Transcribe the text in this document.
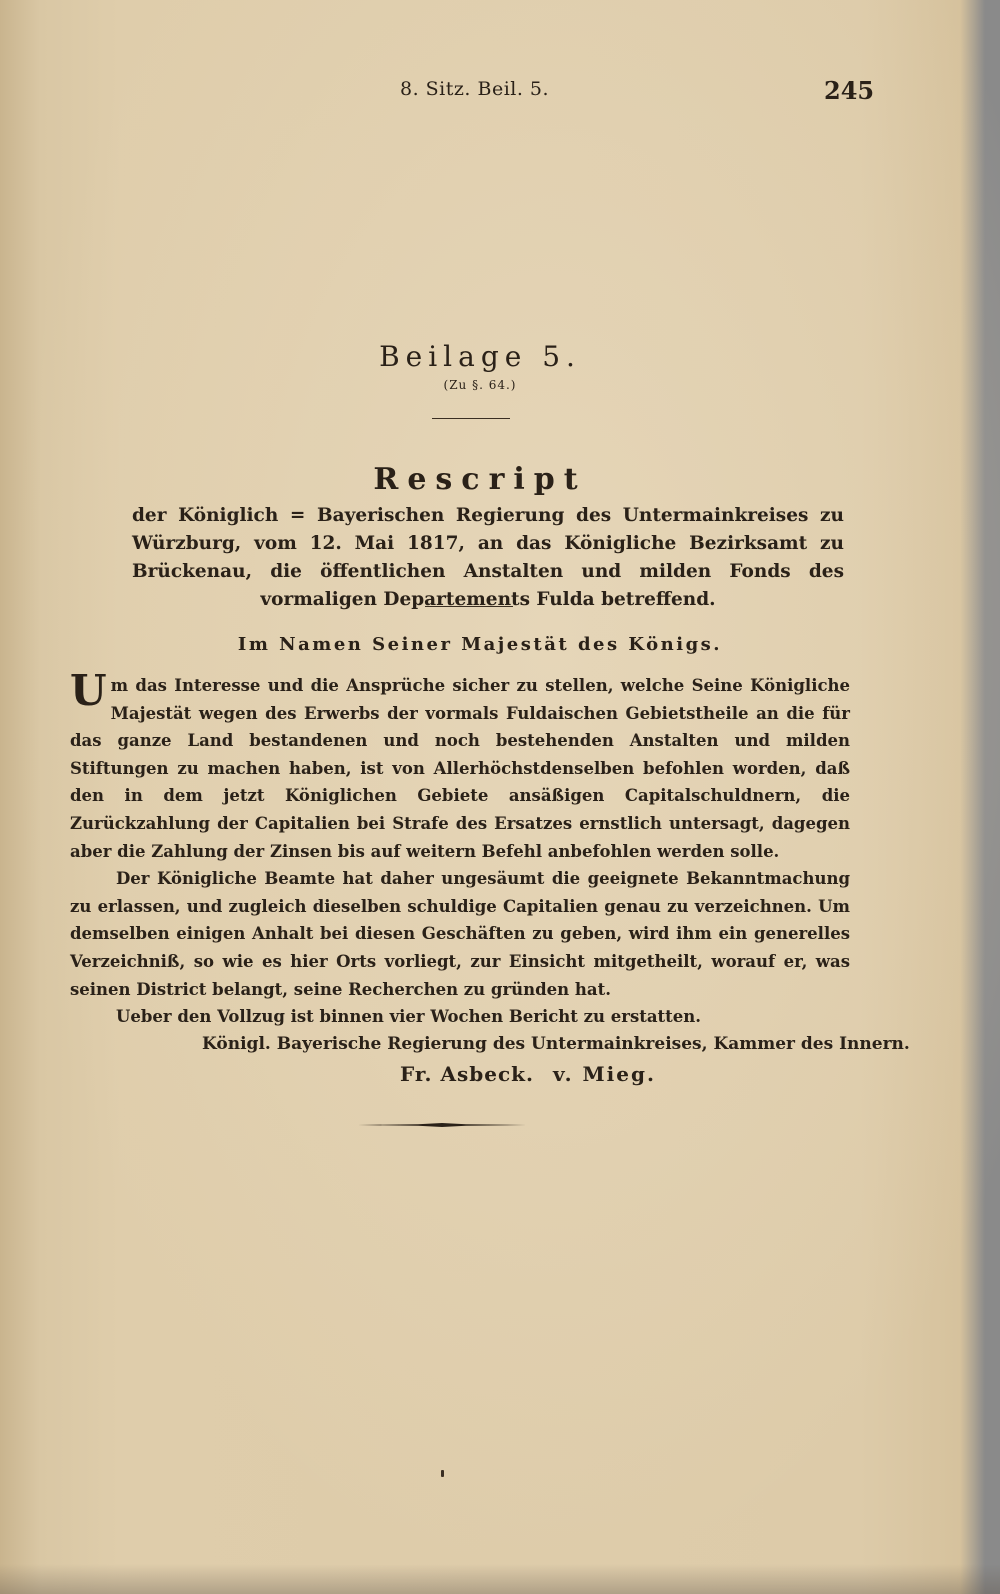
8. Sitz. Beil. 5.	245
Beilage 5.
(Zu §. 64.)
Rescript
der Königlich = Bayerischen Regierung des Untermainkreises zu Würzburg, vom 12. Mai 1817, an das Königliche Bezirksamt zu Brückenau, die öffentlichen Anstalten und milden Fonds des vormaligen Departements Fulda betreffend.
Im Namen Seiner Majestät des Königs.

Um das Interesse und die Ansprüche sicher zu stellen, welche Seine Königliche Majestät wegen des Erwerbs der vormals Fuldaischen Gebietstheile an die für das ganze Land bestandenen und noch bestehenden Anstalten und milden Stiftungen zu machen haben, ist von Allerhöchstdenselben befohlen worden, daß den in dem jetzt Königlichen Gebiete ansäßigen Capitalschuldnern, die Zurückzahlung der Capitalien bei Strafe des Ersatzes ernstlich untersagt, dagegen aber die Zahlung der Zinsen bis auf weitern Befehl anbefohlen werden solle.

Der Königliche Beamte hat daher ungesäumt die geeignete Bekanntmachung zu erlassen, und zugleich dieselben schuldige Capitalien genau zu verzeichnen. Um demselben einigen Anhalt bei diesen Geschäften zu geben, wird ihm ein generelles Verzeichniß, so wie es hier Orts vorliegt, zur Einsicht mitgetheilt, worauf er, was seinen District belangt, seine Recherchen zu gründen hat.

Ueber den Vollzug ist binnen vier Wochen Bericht zu erstatten.

Königl. Bayerische Regierung des Untermainkreises, Kammer des Innern.
Fr. Asbeck. v. Mieg.
